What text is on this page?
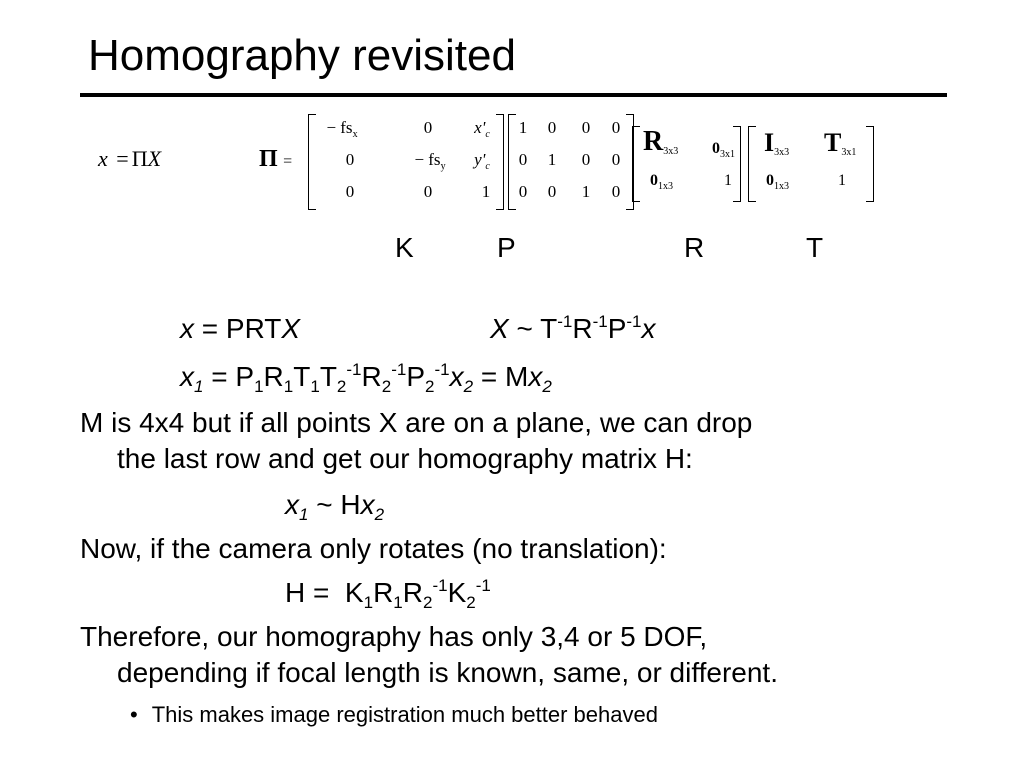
Homography revisited
x = ΠX	Π =
− $fs_x$	0	$x'_c$
0	− $fs_y$	$y'_c$
0	0	1
1	0	0	0
0	1	0	0
0	0	1	0
$R_{3x3}$ $0_{3x1}$
$0_{1x3}$	1
$I_{3x3}$ $T_{3x1}$
$0_{1x3}$	1
K	P	R	T
x = PRTX	X ~ $T^{-1}R^{-1}P^{-1}x$
$x_1 = P_1R_1T_1T_2^{-1}R_2^{-1}P_2^{-1}x_2 = Mx_2$
M is 4x4 but if all points X are on a plane, we can drop
the last row and get our homography matrix H:
$x_1$ ~ $Hx_2$
Now, if the camera only rotates (no translation):
$H = K_1R_1R_2^{-1}K_2^{-1}$
Therefore, our homography has only 3,4 or 5 DOF,
depending if focal length is known, same, or different.
• This makes image registration much better behaved
